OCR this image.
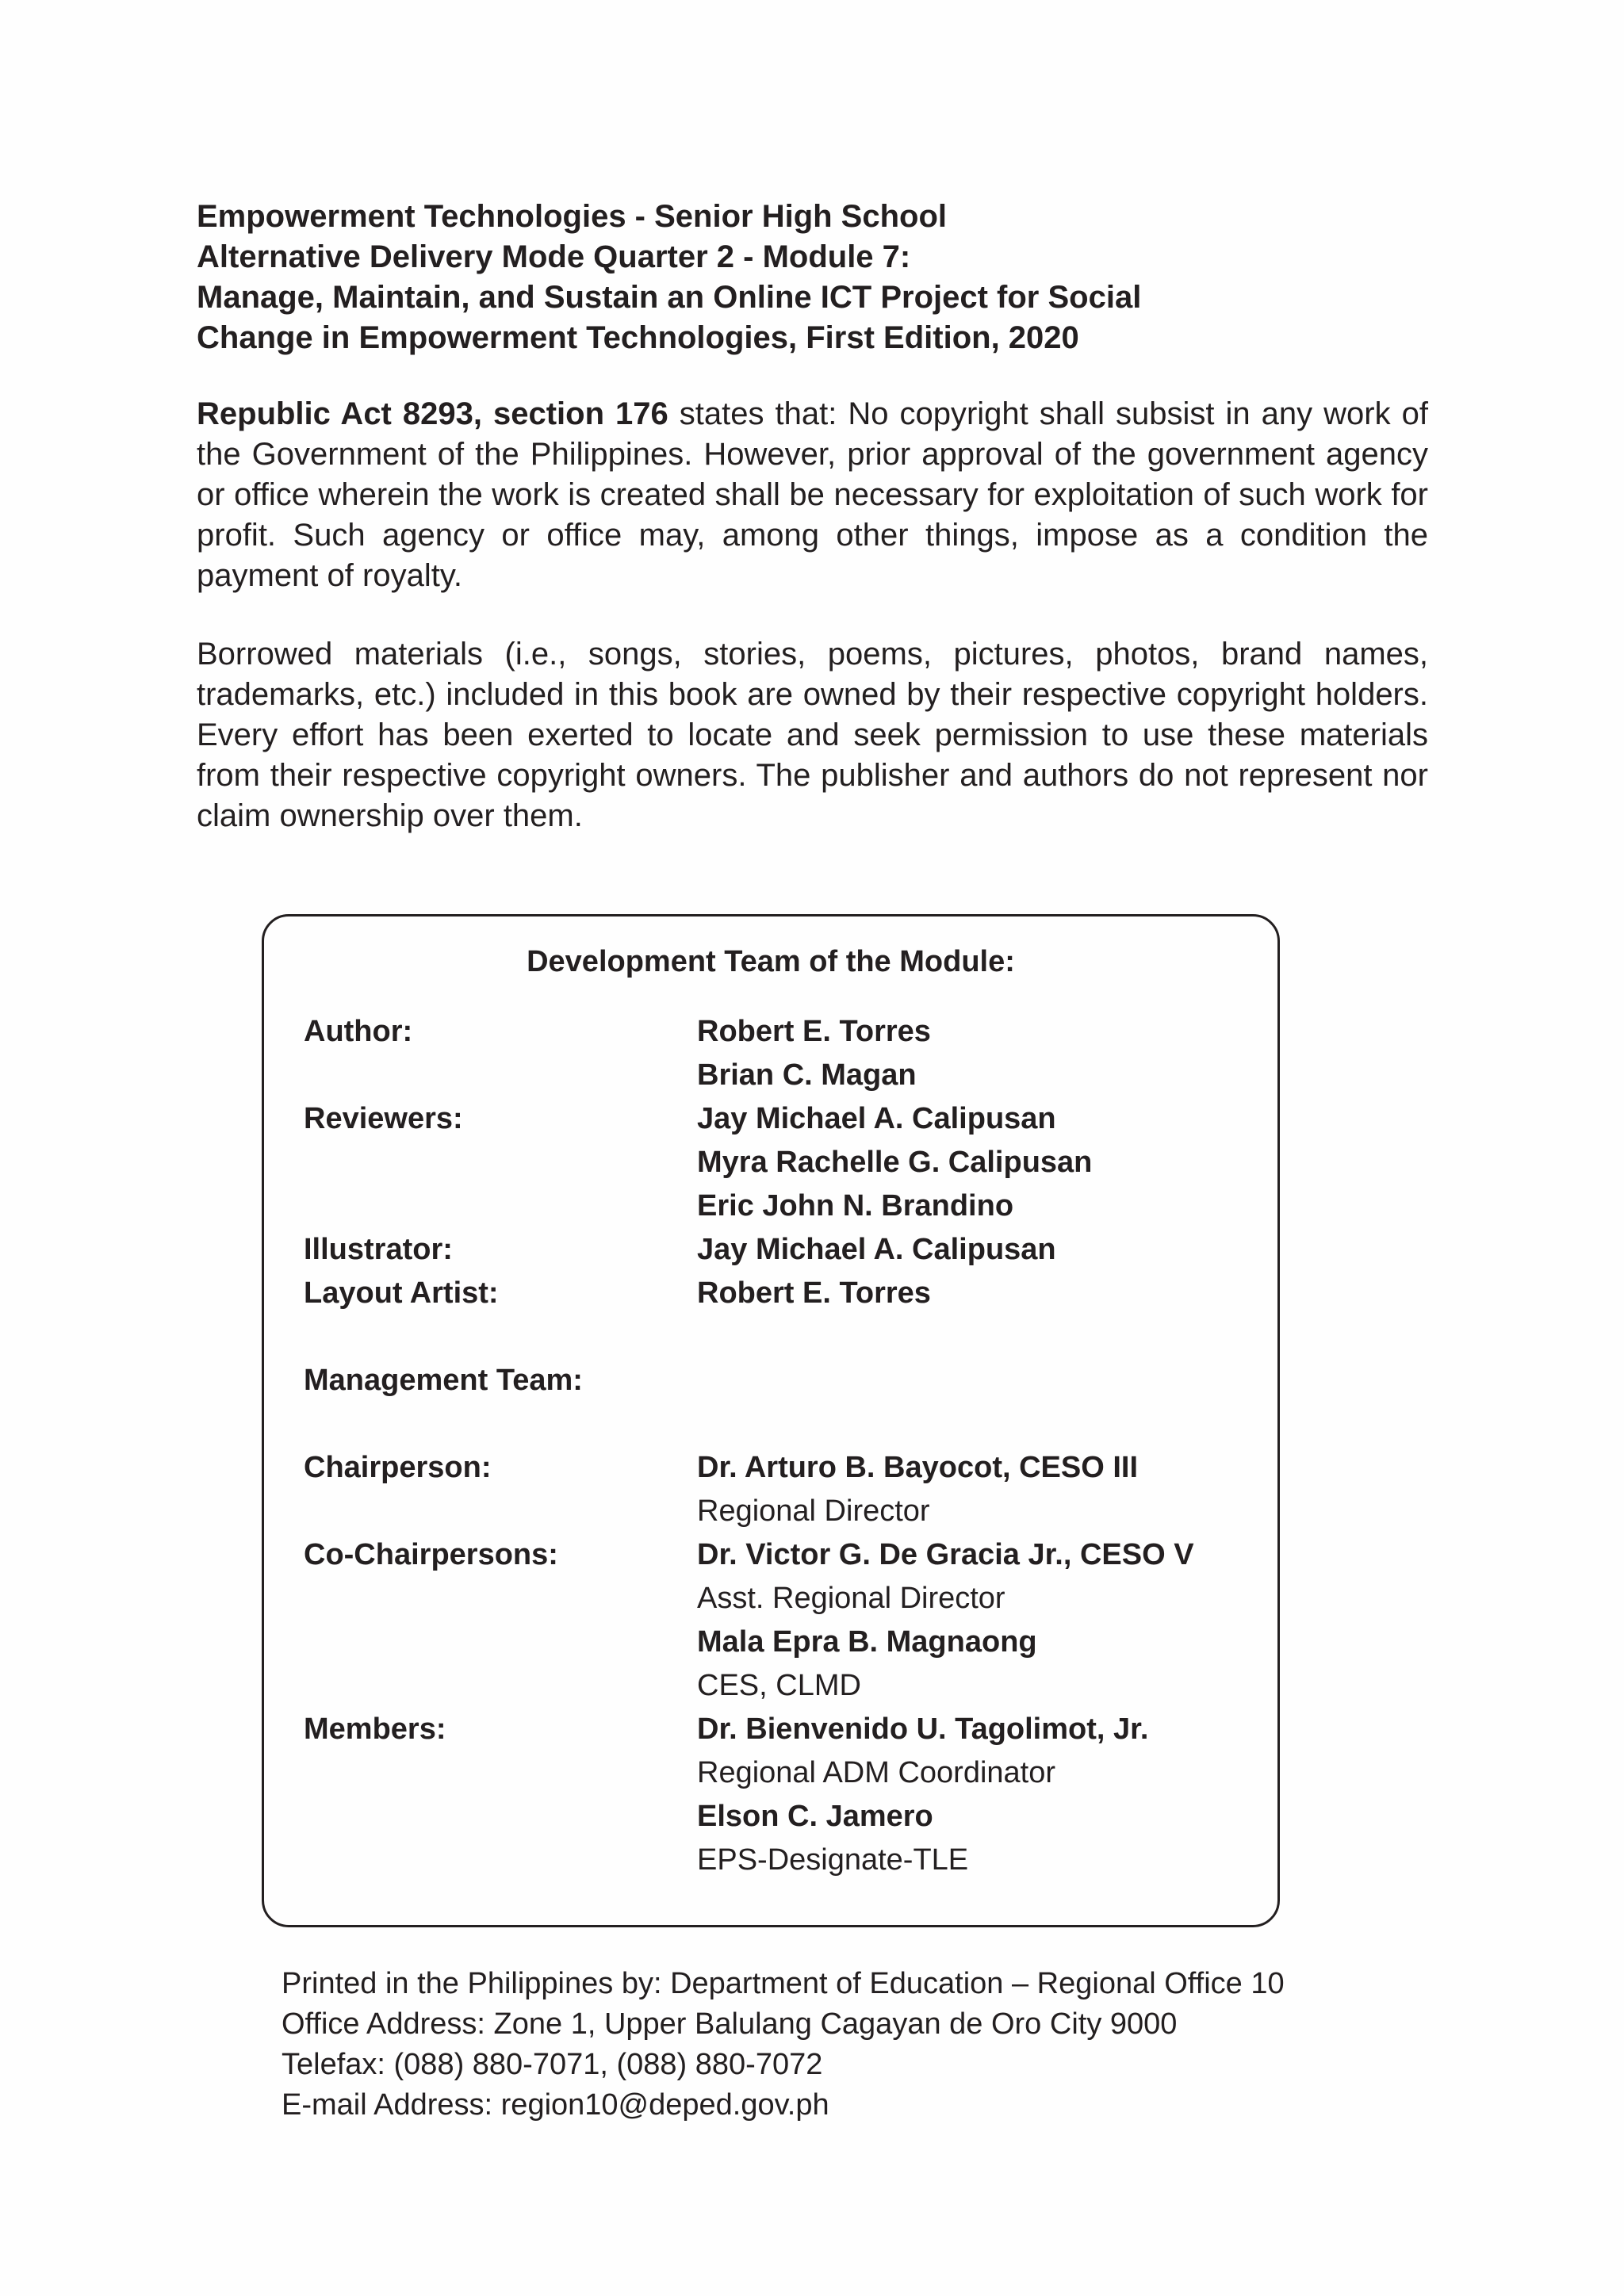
Empowerment Technologies - Senior High School
Alternative Delivery Mode Quarter 2 - Module 7:
Manage, Maintain, and Sustain an Online ICT Project for Social
Change in Empowerment Technologies, First Edition, 2020

Republic Act 8293, section 176 states that: No copyright shall subsist in any work of the Government of the Philippines. However, prior approval of the government agency or office wherein the work is created shall be necessary for exploitation of such work for profit. Such agency or office may, among other things, impose as a condition the payment of royalty.

Borrowed materials (i.e., songs, stories, poems, pictures, photos, brand names, trademarks, etc.) included in this book are owned by their respective copyright holders. Every effort has been exerted to locate and seek permission to use these materials from their respective copyright owners. The publisher and authors do not represent nor claim ownership over them.

Development Team of the Module:
Author:	Robert E. Torres
Brian C. Magan
Reviewers:	Jay Michael A. Calipusan
Myra Rachelle G. Calipusan
Eric John N. Brandino
Illustrator:	Jay Michael A. Calipusan
Layout Artist:	Robert E. Torres
Management Team:
Chairperson:	Dr. Arturo B. Bayocot, CESO III
Regional Director
Co-Chairpersons:	Dr. Victor G. De Gracia Jr., CESO V
Asst. Regional Director
Mala Epra B. Magnaong
CES, CLMD
Members:	Dr. Bienvenido U. Tagolimot, Jr.
Regional ADM Coordinator
Elson C. Jamero
EPS-Designate-TLE
Printed in the Philippines by: Department of Education – Regional Office 10
Office Address: Zone 1, Upper Balulang Cagayan de Oro City 9000
Telefax: (088) 880-7071, (088) 880-7072
E-mail Address: region10@deped.gov.ph
